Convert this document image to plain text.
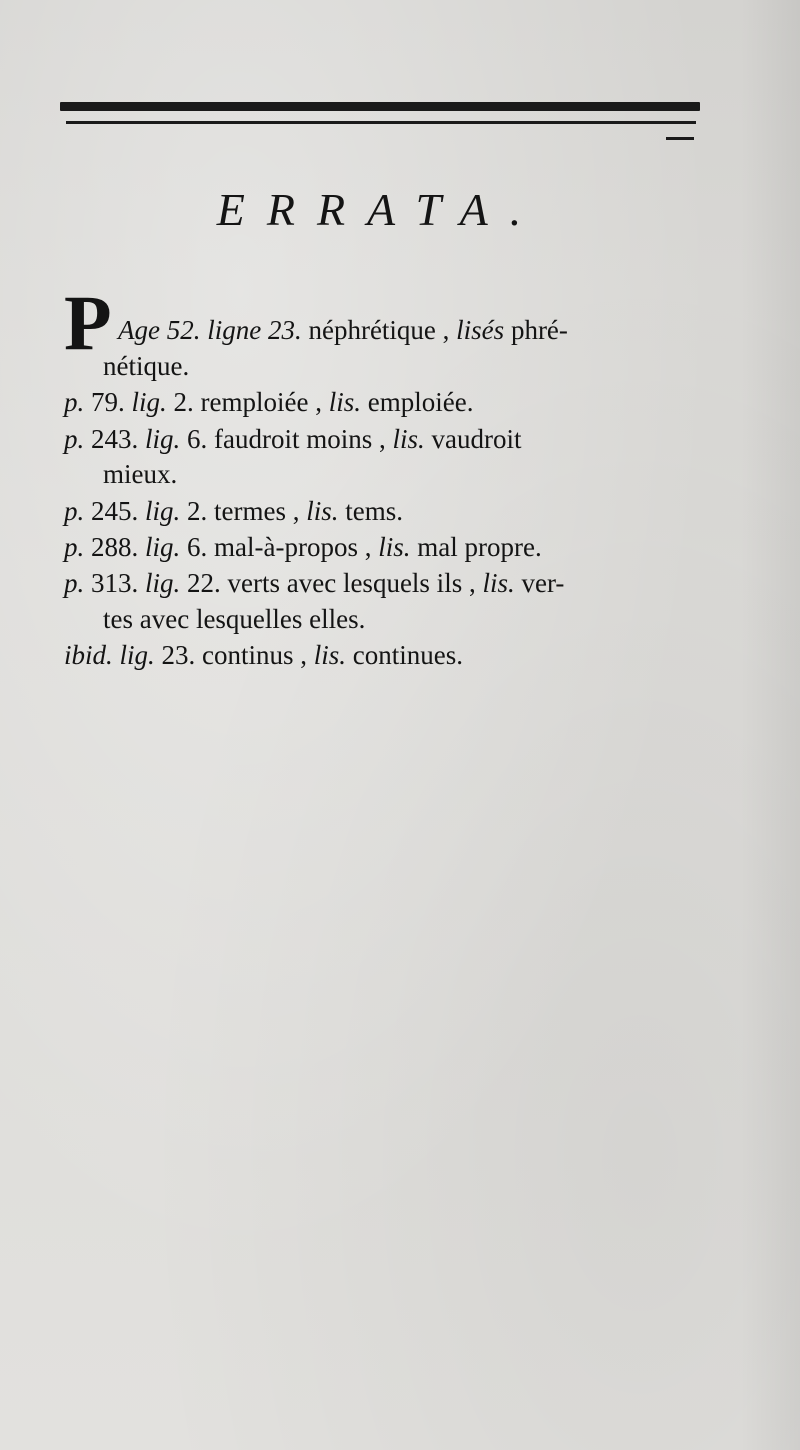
ERRATA.
P Age 52. ligne 23. néphrétique , lisés phré-
nétique.
p. 79. lig. 2. remploiée , lis. emploiée.
p. 243. lig. 6. faudroit moins , lis. vaudroit
mieux.
p. 245. lig. 2. termes , lis. tems.
p. 288. lig. 6. mal-à-propos , lis. mal propre.
p. 313. lig. 22. verts avec lesquels ils , lis. ver-
tes avec lesquelles elles.
ibid. lig. 23. continus , lis. continues.
